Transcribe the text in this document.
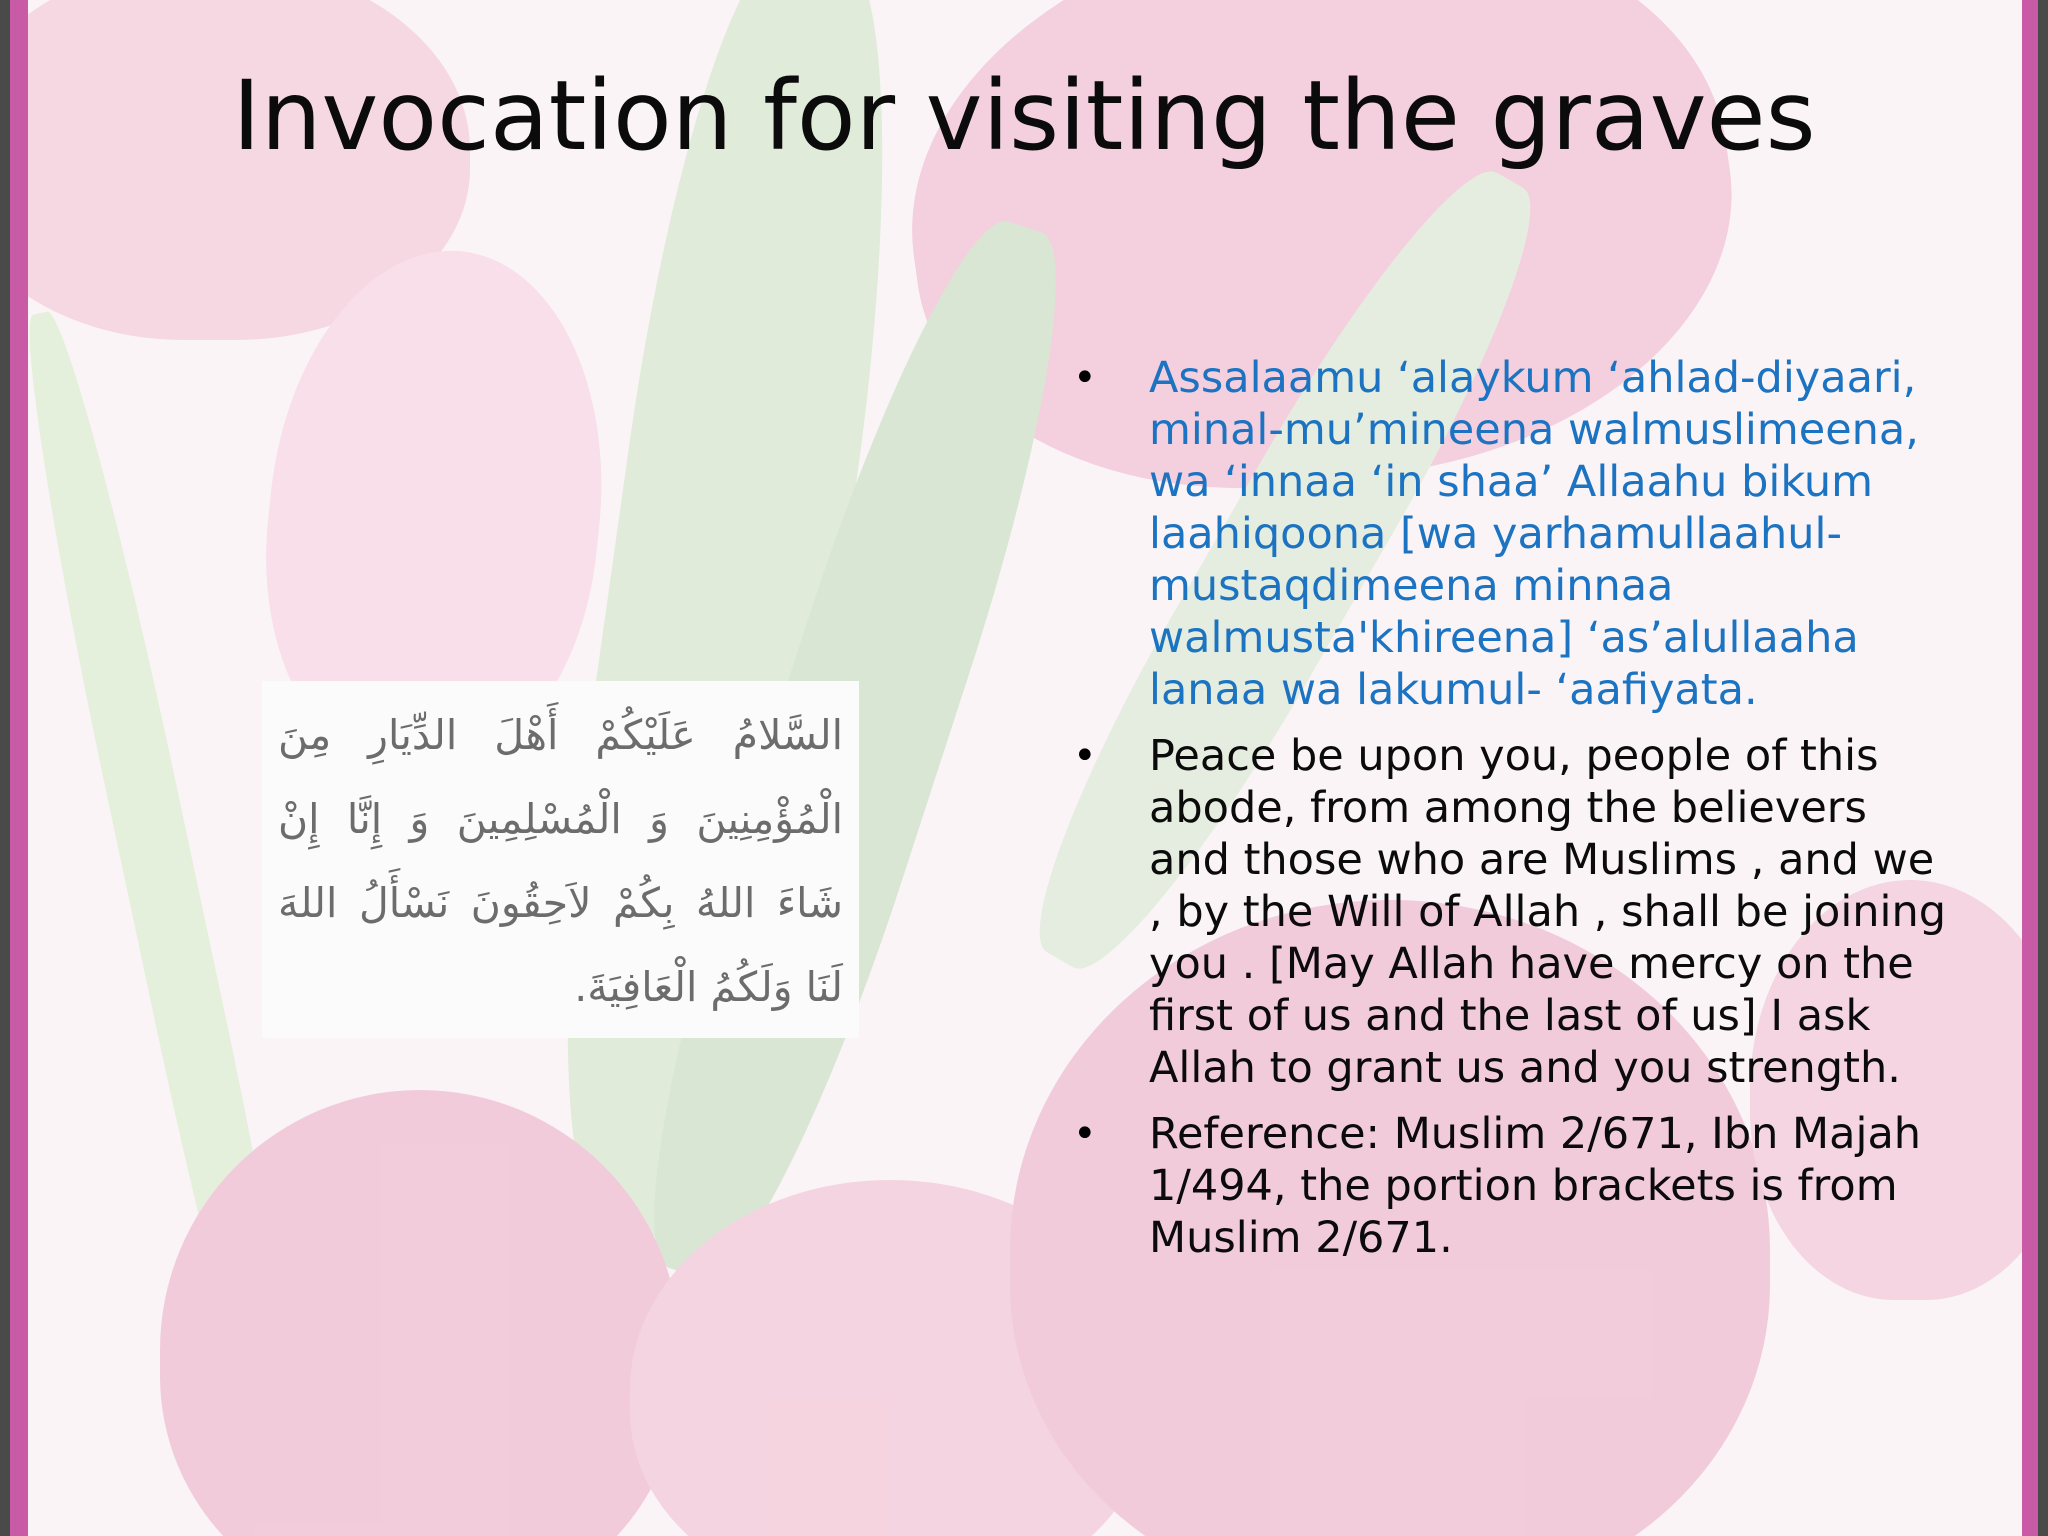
Invocation for visiting the graves
السَّلامُ عَلَيْكُمْ أَهْلَ الدِّيَارِ مِنَ الْمُؤْمِنِينَ وَ الْمُسْلِمِينَ وَ إِنَّا إِنْ شَاءَ اللهُ بِكُمْ لاَحِقُونَ نَسْأَلُ اللهَ لَنَا وَلَكُمُ الْعَافِيَةَ.
• Assalaamu ‘alaykum ‘ahlad-diyaari, minal-mu’mineena walmuslimeena, wa ‘innaa ‘in shaa’ Allaahu bikum laahiqoona [wa yarhamullaahul-mustaqdimeena minnaa walmusta'khireena] ‘as’alullaaha lanaa wa lakumul- ‘aafiyata.
• Peace be upon you, people of this abode, from among the believers and those who are Muslims , and we , by the Will of Allah , shall be joining you . [May Allah have mercy on the first of us and the last of us] I ask Allah to grant us and you strength.
• Reference: Muslim 2/671, Ibn Majah 1/494, the portion brackets is from Muslim 2/671.
